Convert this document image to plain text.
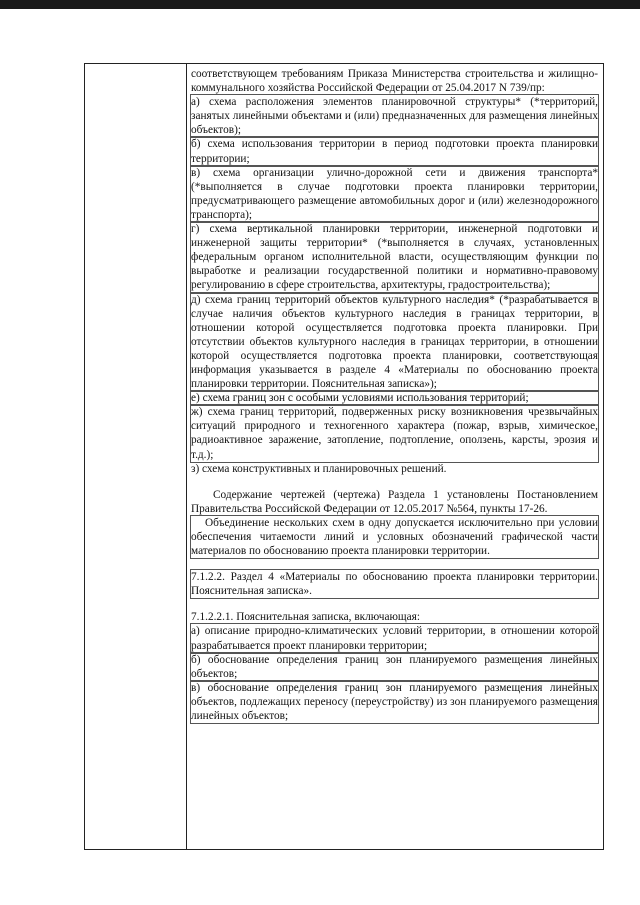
соответствующем требованиям Приказа Министерства строительства и жилищно-коммунального хозяйства Российской Федерации от 25.04.2017 N 739/пр:

а) схема расположения элементов планировочной структуры* (*территорий, занятых линейными объектами и (или) предназначенных для размещения линейных объектов);

б) схема использования территории в период подготовки проекта планировки территории;

в) схема организации улично-дорожной сети и движения транспорта* (*выполняется в случае подготовки проекта планировки территории, предусматривающего размещение автомобильных дорог и (или) железнодорожного транспорта);

г) схема вертикальной планировки территории, инженерной подготовки и инженерной защиты территории* (*выполняется в случаях, установленных федеральным органом исполнительной власти, осуществляющим функции по выработке и реализации государственной политики и нормативно-правовому регулированию в сфере строительства, архитектуры, градостроительства);

д) схема границ территорий объектов культурного наследия* (*разрабатывается в случае наличия объектов культурного наследия в границах территории, в отношении которой осуществляется подготовка проекта планировки. При отсутствии объектов культурного наследия в границах территории, в отношении которой осуществляется подготовка проекта планировки, соответствующая информация указывается в разделе 4 «Материалы по обоснованию проекта планировки территории. Пояснительная записка»);

е) схема границ зон с особыми условиями использования территорий;

ж) схема границ территорий, подверженных риску возникновения чрезвычайных ситуаций природного и техногенного характера (пожар, взрыв, химическое, радиоактивное заражение, затопление, подтопление, оползень, карсты, эрозия и т.д.);

з) схема конструктивных и планировочных решений.

Содержание чертежей (чертежа) Раздела 1 установлены Постановлением Правительства Российской Федерации от 12.05.2017 №564, пункты 17-26.

Объединение нескольких схем в одну допускается исключительно при условии обеспечения читаемости линий и условных обозначений графической части материалов по обоснованию проекта планировки территории.

7.1.2.2. Раздел 4 «Материалы по обоснованию проекта планировки территории. Пояснительная записка».

7.1.2.2.1. Пояснительная записка, включающая:

а) описание природно-климатических условий территории, в отношении которой разрабатывается проект планировки территории;

б) обоснование определения границ зон планируемого размещения линейных объектов;

в) обоснование определения границ зон планируемого размещения линейных объектов, подлежащих переносу (переустройству) из зон планируемого размещения линейных объектов;
